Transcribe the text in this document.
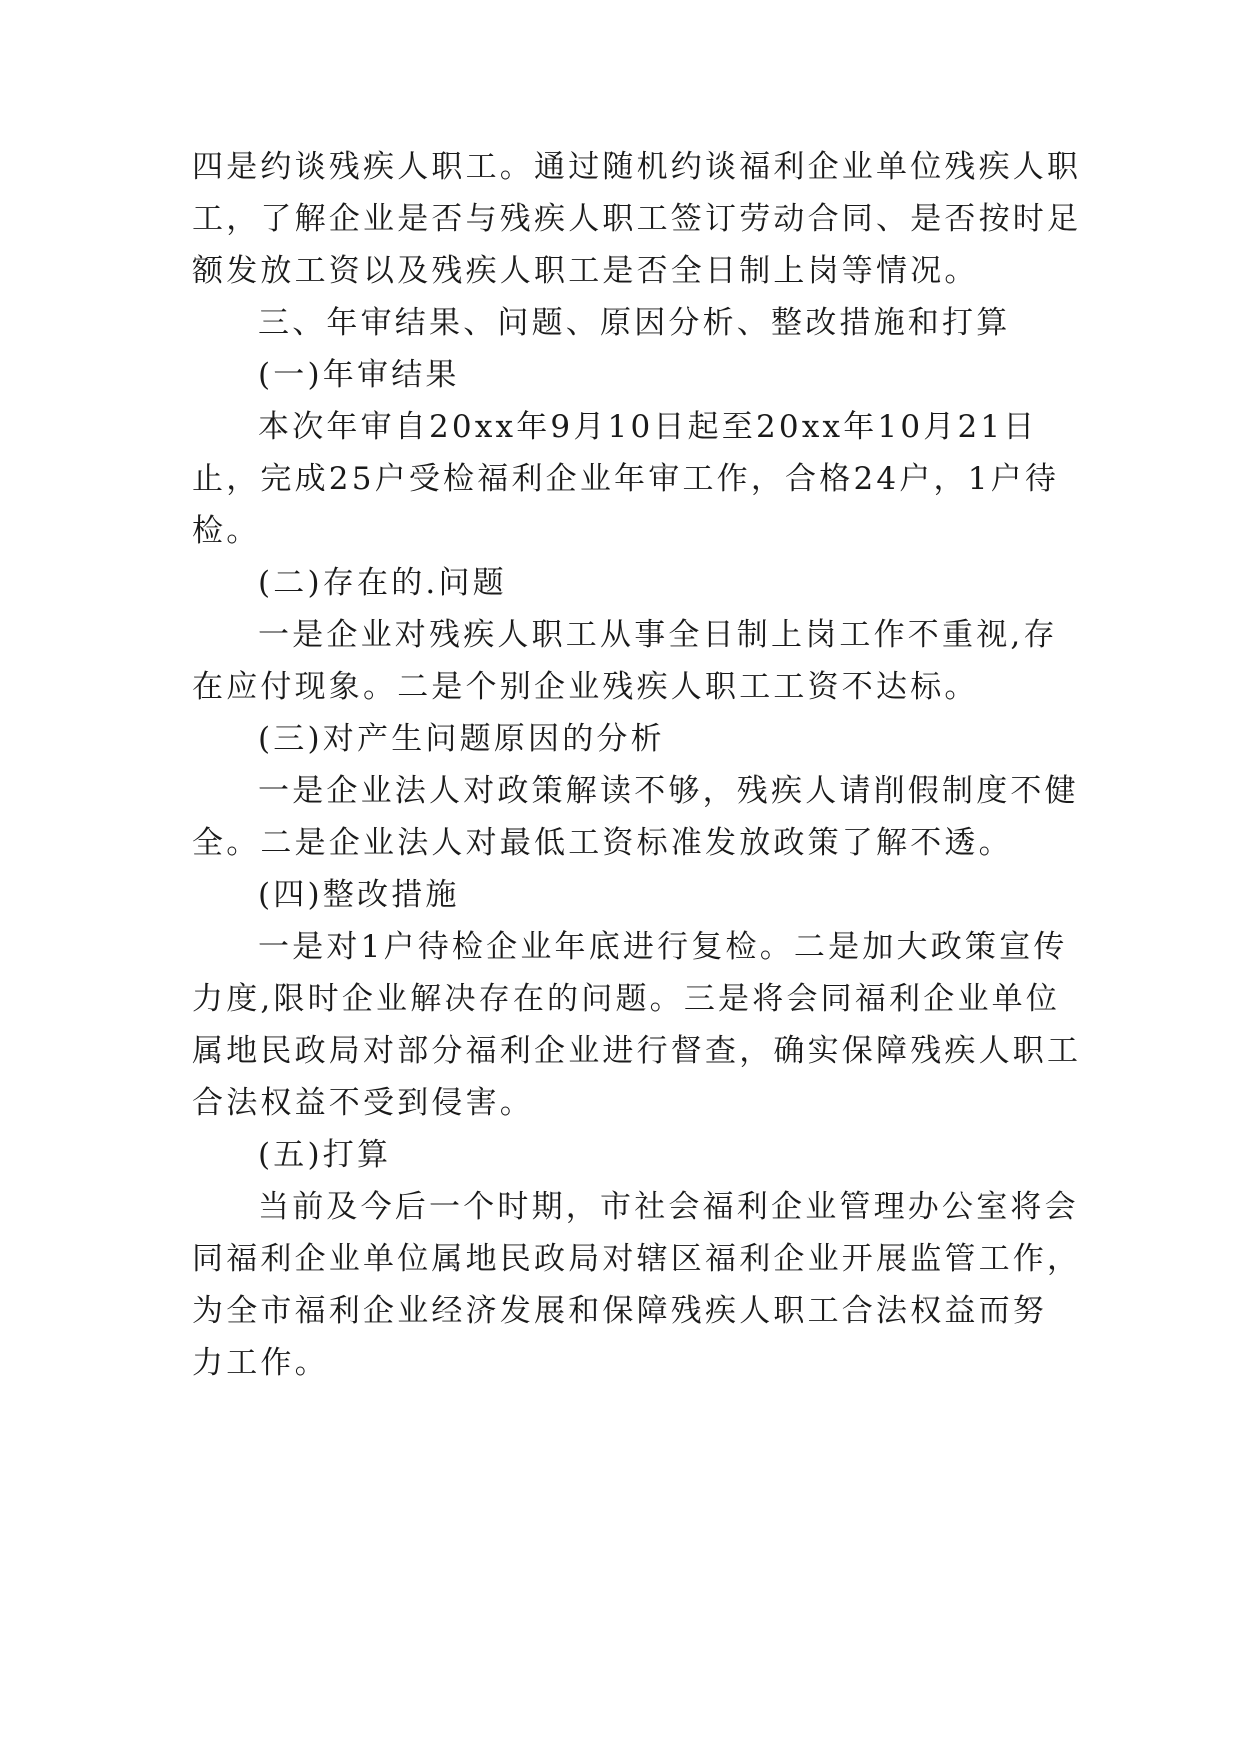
四是约谈残疾人职工。通过随机约谈福利企业单位残疾人职
工，了解企业是否与残疾人职工签订劳动合同、是否按时足
额发放工资以及残疾人职工是否全日制上岗等情况。
三、年审结果、问题、原因分析、整改措施和打算
(一)年审结果
本次年审自20xx年9月10日起至20xx年10月21日
止，完成25户受检福利企业年审工作，合格24户，1户待
检。
(二)存在的.问题
一是企业对残疾人职工从事全日制上岗工作不重视,存
在应付现象。二是个别企业残疾人职工工资不达标。
(三)对产生问题原因的分析
一是企业法人对政策解读不够，残疾人请削假制度不健
全。二是企业法人对最低工资标准发放政策了解不透。
(四)整改措施
一是对1户待检企业年底进行复检。二是加大政策宣传
力度,限时企业解决存在的问题。三是将会同福利企业单位
属地民政局对部分福利企业进行督查，确实保障残疾人职工
合法权益不受到侵害。
(五)打算
当前及今后一个时期，市社会福利企业管理办公室将会
同福利企业单位属地民政局对辖区福利企业开展监管工作，
为全市福利企业经济发展和保障残疾人职工合法权益而努
力工作。
